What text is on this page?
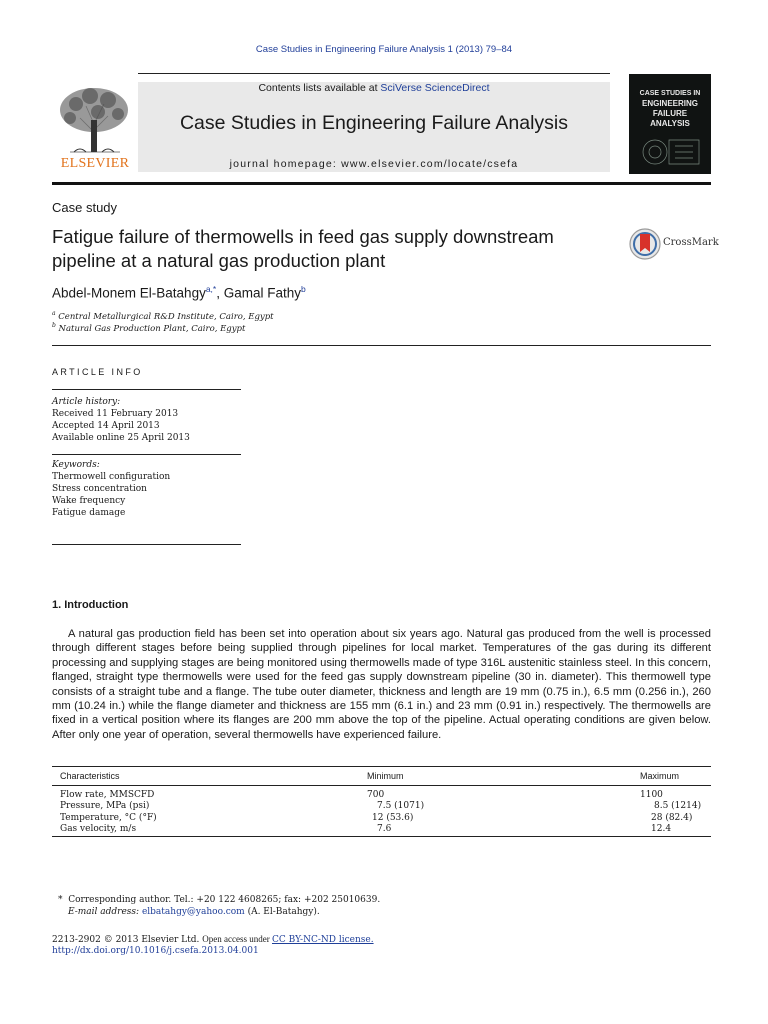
Case Studies in Engineering Failure Analysis 1 (2013) 79–84
Contents lists available at SciVerse ScienceDirect
Case Studies in Engineering Failure Analysis
journal homepage: www.elsevier.com/locate/csefa
ELSEVIER
CASE STUDIES IN
ENGINEERING
FAILURE
ANALYSIS
Case study
Fatigue failure of thermowells in feed gas supply downstream pipeline at a natural gas production plant
CrossMark
Abdel-Monem El-Batahgy$^{a,*}$, Gamal Fathy$^b$
$^a$ Central Metallurgical R&D Institute, Cairo, Egypt
$^b$ Natural Gas Production Plant, Cairo, Egypt
ARTICLE INFO
Article history:
Received 11 February 2013
Accepted 14 April 2013
Available online 25 April 2013
Keywords:
Thermowell configuration
Stress concentration
Wake frequency
Fatigue damage
1. Introduction

A natural gas production field has been set into operation about six years ago. Natural gas produced from the well is processed through different stages before being supplied through pipelines for local market. Temperatures of the gas during its different processing and supplying stages are being monitored using thermowells made of type 316L austenitic stainless steel. In this concern, flanged, straight type thermowells were used for the feed gas supply downstream pipeline (30 in. diameter). This thermowell type consists of a straight tube and a flange. The tube outer diameter, thickness and length are 19 mm (0.75 in.), 6.5 mm (0.256 in.), 260 mm (10.24 in.) while the flange diameter and thickness are 155 mm (6.1 in.) and 23 mm (0.91 in.) respectively. The thermowells are fixed in a vertical position where its flanges are 200 mm above the top of the pipeline. Actual operating conditions are given below. After only one year of operation, several thermowells have experienced failure.

Characteristics	Minimum	Maximum
Flow rate, MMSCFD	700	1100
Pressure, MPa (psi)	7.5 (1071)	8.5 (1214)
Temperature, °C (°F)	12 (53.6)	28 (82.4)
Gas velocity, m/s	7.6	12.4
* Corresponding author. Tel.: +20 122 4608265; fax: +202 25010639.
E-mail address: elbatahgy@yahoo.com (A. El-Batahgy).
2213-2902 © 2013 Elsevier Ltd. Open access under CC BY-NC-ND license.
http://dx.doi.org/10.1016/j.csefa.2013.04.001
